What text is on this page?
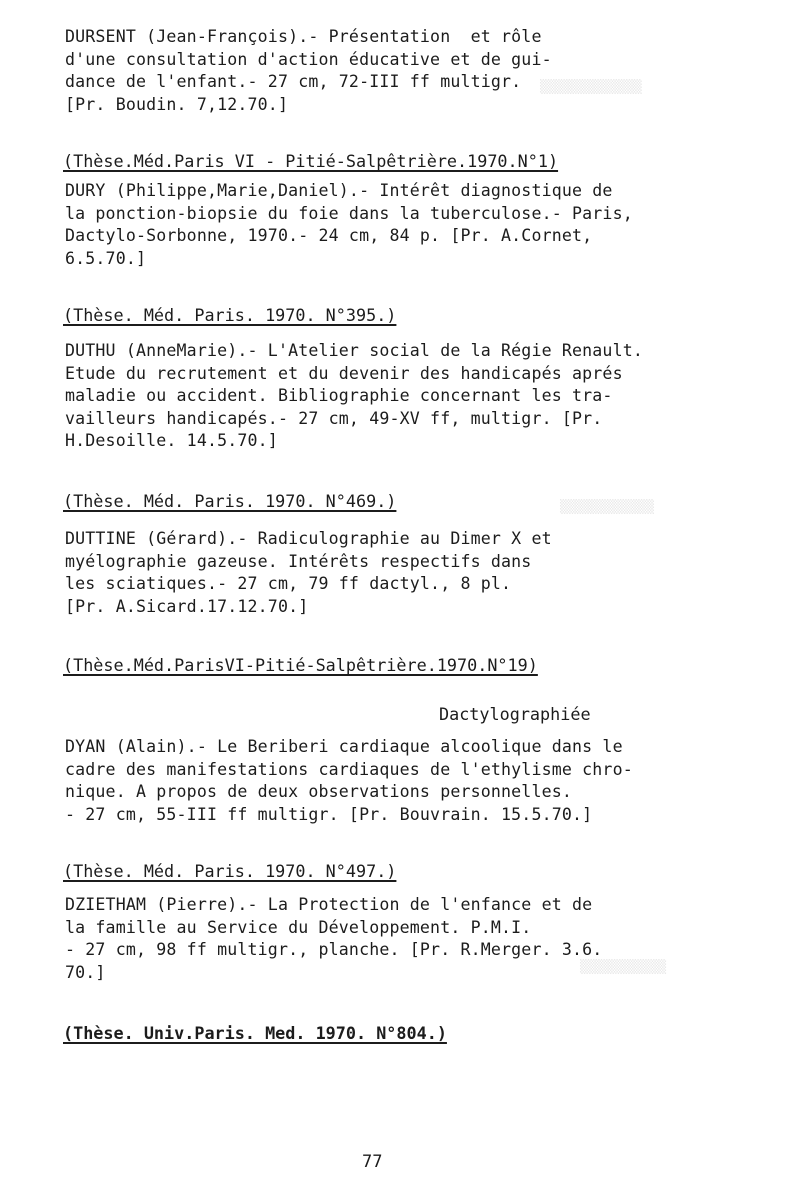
▒▒▒▒▒▒▒▒▒▒▒▒▒
▒▒▒▒▒▒▒▒▒▒▒▒
▒▒▒▒▒▒▒▒▒▒▒
DURSENT (Jean-François).- Présentation  et rôle
d'une consultation d'action éducative et de gui-
dance de l'enfant.- 27 cm, 72-III ff multigr.
[Pr. Boudin. 7,12.70.]
(Thèse.Méd.Paris VI - Pitié-Salpêtrière.1970.N°1)
DURY (Philippe,Marie,Daniel).- Intérêt diagnostique de
la ponction-biopsie du foie dans la tuberculose.- Paris,
Dactylo-Sorbonne, 1970.- 24 cm, 84 p. [Pr. A.Cornet,
6.5.70.]
(Thèse. Méd. Paris. 1970. N°395.)
DUTHU (AnneMarie).- L'Atelier social de la Régie Renault.
Etude du recrutement et du devenir des handicapés aprés
maladie ou accident. Bibliographie concernant les tra-
vailleurs handicapés.- 27 cm, 49-XV ff, multigr. [Pr.
H.Desoille. 14.5.70.]
(Thèse. Méd. Paris. 1970. N°469.)
DUTTINE (Gérard).- Radiculographie au Dimer X et
myélographie gazeuse. Intérêts respectifs dans
les sciatiques.- 27 cm, 79 ff dactyl., 8 pl.
[Pr. A.Sicard.17.12.70.]
(Thèse.Méd.ParisVI-Pitié-Salpêtrière.1970.N°19)
Dactylographiée
DYAN (Alain).- Le Beriberi cardiaque alcoolique dans le
cadre des manifestations cardiaques de l'ethylisme chro-
nique. A propos de deux observations personnelles.
- 27 cm, 55-III ff multigr. [Pr. Bouvrain. 15.5.70.]
(Thèse. Méd. Paris. 1970. N°497.)
DZIETHAM (Pierre).- La Protection de l'enfance et de
la famille au Service du Développement. P.M.I.
- 27 cm, 98 ff multigr., planche. [Pr. R.Merger. 3.6.
70.]
(Thèse. Univ.Paris. Med. 1970. N°804.)
77
